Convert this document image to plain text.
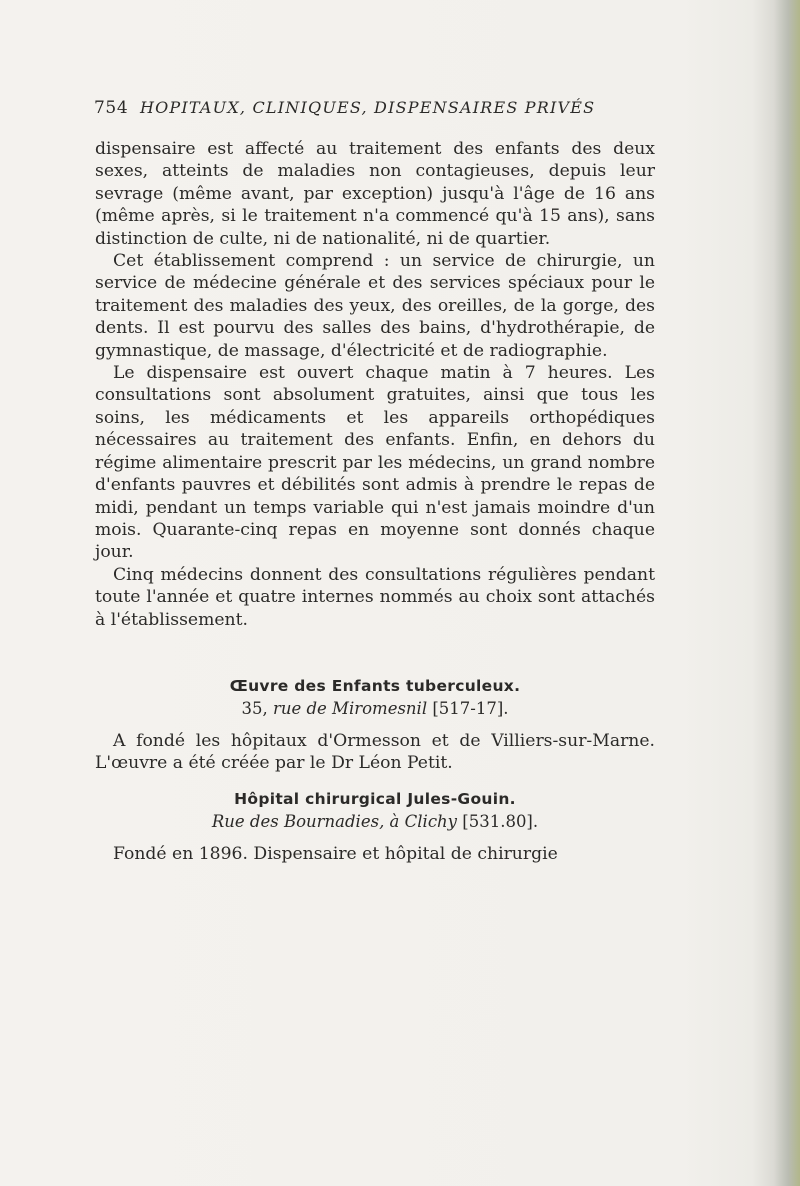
754 HOPITAUX, CLINIQUES, DISPENSAIRES PRIVÉS

dispensaire est affecté au traitement des enfants des deux sexes, atteints de maladies non contagieuses, depuis leur sevrage (même avant, par exception) jusqu'à l'âge de 16 ans (même après, si le traitement n'a commencé qu'à 15 ans), sans distinction de culte, ni de nationalité, ni de quartier.

Cet établissement comprend : un service de chirurgie, un service de médecine générale et des services spéciaux pour le traitement des maladies des yeux, des oreilles, de la gorge, des dents. Il est pourvu des salles des bains, d'hydrothérapie, de gymnastique, de massage, d'électricité et de radiographie.

Le dispensaire est ouvert chaque matin à 7 heures. Les consultations sont absolument gratuites, ainsi que tous les soins, les médicaments et les appareils orthopédiques nécessaires au traitement des enfants. Enfin, en dehors du régime alimentaire prescrit par les médecins, un grand nombre d'enfants pauvres et débilités sont admis à prendre le repas de midi, pendant un temps variable qui n'est jamais moindre d'un mois. Quarante-cinq repas en moyenne sont donnés chaque jour.

Cinq médecins donnent des consultations régulières pendant toute l'année et quatre internes nommés au choix sont attachés à l'établissement.

Œuvre des Enfants tuberculeux.

35, rue de Miromesnil [517-17].

A fondé les hôpitaux d'Ormesson et de Villiers-sur-Marne. L'œuvre a été créée par le Dr Léon Petit.

Hôpital chirurgical Jules-Gouin.

Rue des Bournadies, à Clichy [531.80].

Fondé en 1896. Dispensaire et hôpital de chirurgie
